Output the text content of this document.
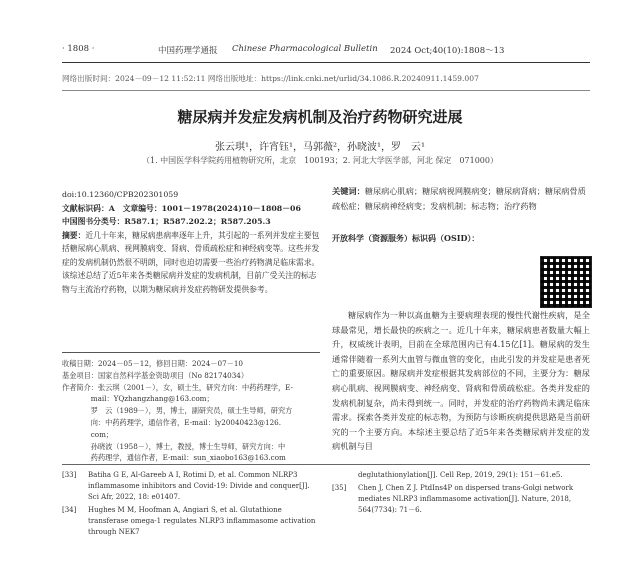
· 1808 ·	中国药理学通报 Chinese Pharmacological Bulletin 2024 Oct;40(10):1808～13
网络出版时间：2024－09－12 11:52:11 网络出版地址：https://link.cnki.net/urlid/34.1086.R.20240911.1459.007
糖尿病并发症发病机制及治疗药物研究进展
张云琪¹，许宵钰¹，马郭薇²，孙晓波¹，罗　云¹
（1. 中国医学科学院药用植物研究所，北京　100193；2. 河北大学医学部，河北 保定　071000）
doi:10.12360/CPB202301059
文献标识码：A　文章编号：1001－1978(2024)10－1808－06
中国图书分类号：R587.1；R587.202.2；R587.205.3
摘要：近几十年来，糖尿病患病率逐年上升，其引起的一系列并发症主要包括糖尿病心肌病、视网膜病变、肾病、骨质疏松症和神经病变等。这些并发症的发病机制仍然很不明朗，同时也迫切需要一些治疗药物满足临床需求。该综述总结了近5年来各类糖尿病并发症的发病机制，目前广受关注的标志物与主流治疗药物，以期为糖尿病并发症药物研发提供参考。
收稿日期：2024－05－12，修回日期：2024－07－10
基金项目：国家自然科学基金资助项目（No 82174034）
作者简介：张云琪（2001－），女，硕士生，研究方向：中药药理学，E-
　　　　mail：YQzhangzhang@163.com；
　　　　罗　云（1989－），男，博士，副研究员，硕士生导师，研究方
　　　　向：中药药理学，通信作者，E-mail：ly20040423@126.
　　　　com；
　　　　孙晓波（1958－），博士，教授，博士生导师，研究方向：中
　　　　药药理学，通信作者，E-mail：sun_xiaobo163@163.com
关键词：糖尿病心肌病；糖尿病视网膜病变；糖尿病肾病；糖尿病骨质疏松症；糖尿病神经病变；发病机制；标志物；治疗药物
开放科学（资源服务）标识码（OSID）：
糖尿病作为一种以高血糖为主要病理表现的慢性代谢性疾病，是全球最常见，增长最快的疾病之一。近几十年来，糖尿病患者数量大幅上升，权威统计表明，目前在全球范围内已有4.15亿[1]。糖尿病的发生通常伴随着一系列大血管与微血管的变化，由此引发的并发症是患者死亡的重要原因。糖尿病并发症根据其发病部位的不同，主要分为：糖尿病心肌病、视网膜病变、神经病变、肾病和骨质疏松症。各类并发症的发病机制复杂，尚未得到统一。同时，并发症的治疗药物尚未满足临床需求。探索各类并发症的标志物，为预防与诊断疾病提供思路是当前研究的一个主要方向。本综述主要总结了近5年来各类糖尿病并发症的发病机制与目
[33]	Batiha G E, Al-Gareeb A I, Rotimi D, et al. Common NLRP3 inflammasome inhibitors and Covid-19: Divide and conquer[J]. Sci Afr, 2022, 18: e01407.
[34]	Hughes M M, Hoofman A, Angiari S, et al. Glutathione transferase omega-1 regulates NLRP3 inflammasome activation through NEK7
deglutathionylation[J]. Cell Rep, 2019, 29(1): 151－61.e5.
[35]	Chen J, Chen Z J. PtdIns4P on dispersed trans-Golgi network mediates NLRP3 inflammasome activation[J]. Nature, 2018, 564(7734): 71－6.
